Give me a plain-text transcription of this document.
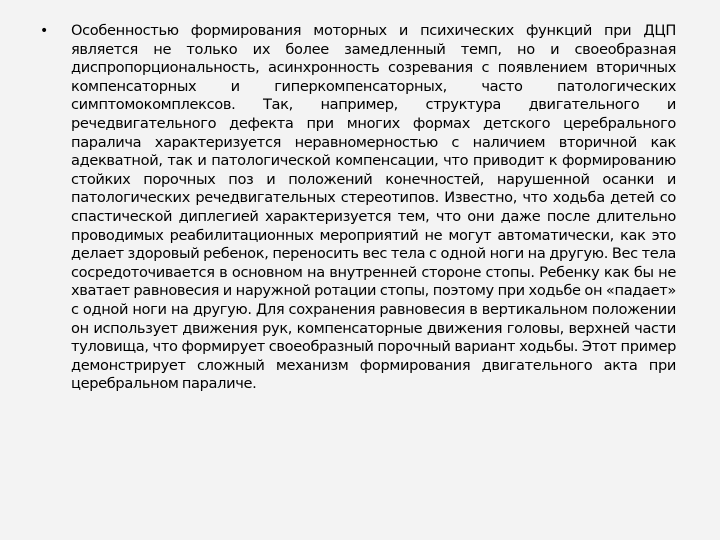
• Особенностью формирования моторных и психических функций при ДЦП является не только их более замедленный темп, но и своеобразная диспропорциональность, асинхронность созревания с появлением вторичных компенсаторных и гиперкомпенсаторных, часто патологических симптомокомплексов. Так, например, структура двигательного и речедвигательного дефекта при многих формах детского церебрального паралича характеризуется неравномерностью с наличием вторичной как адекватной, так и патологической компенсации, что приводит к формированию стойких порочных поз и положений конечностей, нарушенной осанки и патологических речедвигательных стереотипов. Известно, что ходьба детей со спастической диплегией характеризуется тем, что они даже после длительно проводимых реабилитационных мероприятий не могут автоматически, как это делает здоровый ребенок, переносить вес тела с одной ноги на другую. Вес тела сосредоточивается в основном на внутренней стороне стопы. Ребенку как бы не хватает равновесия и наружной ротации стопы, поэтому при ходьбе он «падает» с одной ноги на другую. Для сохранения равновесия в вертикальном положении он использует движения рук, компенсаторные движения головы, верхней части туловища, что формирует своеобразный порочный вариант ходьбы. Этот пример демонстрирует сложный механизм формирования двигательного акта при церебральном параличе.
